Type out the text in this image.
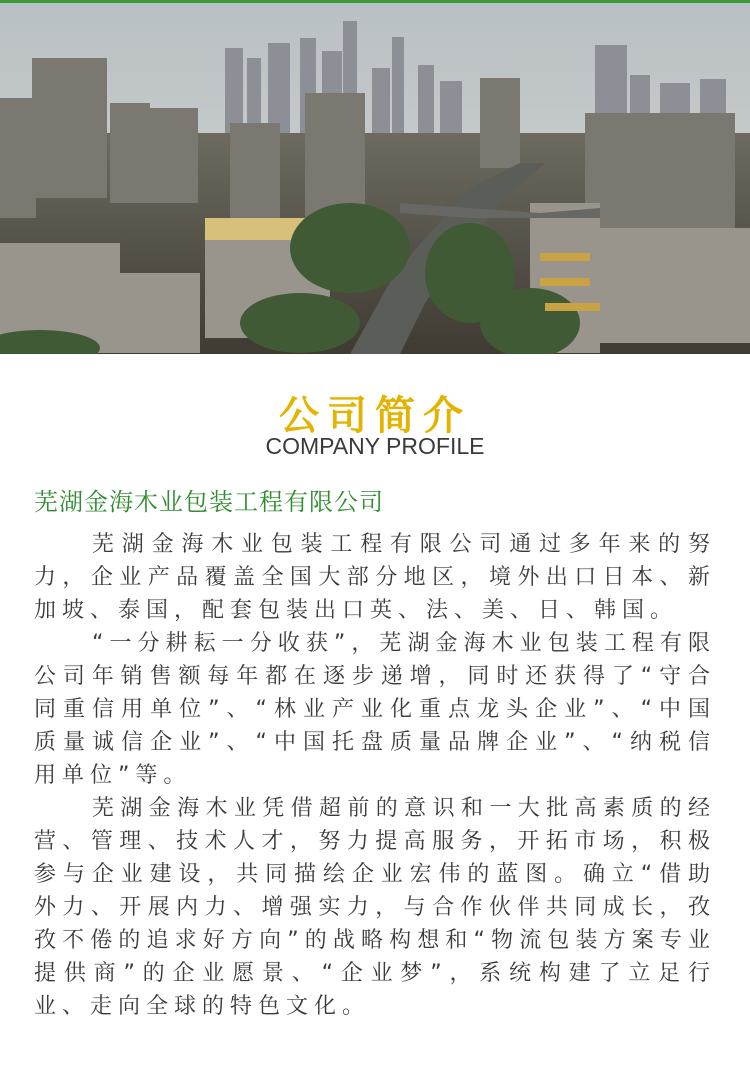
公司简介
COMPANY PROFILE
芜湖金海木业包装工程有限公司

芜湖金海木业包装工程有限公司通过多年来的努力，企业产品覆盖全国大部分地区，境外出口日本、新加坡、泰国，配套包装出口英、法、美、日、韩国。

“一分耕耘一分收获”，芜湖金海木业包装工程有限公司年销售额每年都在逐步递增，同时还获得了“守合同重信用单位”、“林业产业化重点龙头企业”、“中国质量诚信企业”、“中国托盘质量品牌企业”、“纳税信用单位”等。

芜湖金海木业凭借超前的意识和一大批高素质的经营、管理、技术人才，努力提高服务，开拓市场，积极参与企业建设，共同描绘企业宏伟的蓝图。确立“借助外力、开展内力、增强实力，与合作伙伴共同成长，孜孜不倦的追求好方向”的战略构想和“物流包装方案专业提供商”的企业愿景、“企业梦”，系统构建了立足行业、走向全球的特色文化。
